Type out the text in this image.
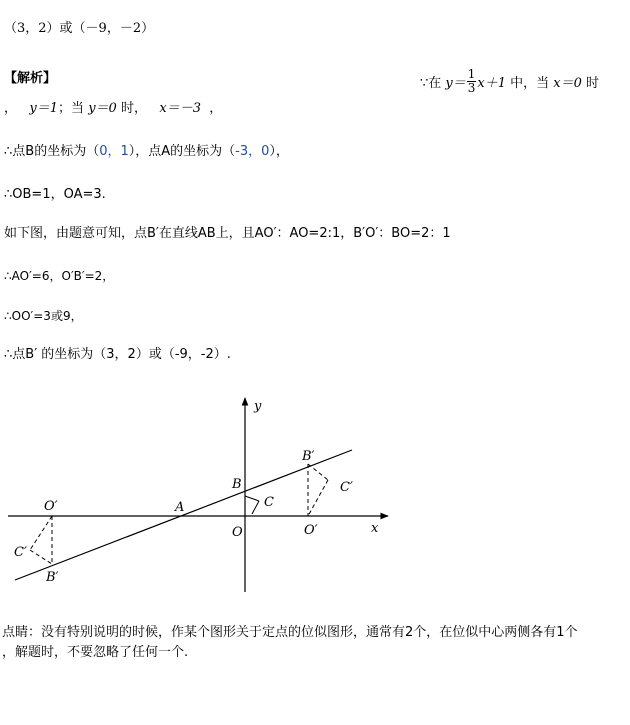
（3，2）或（－9，－2）
【解析】	∵在 $y= \frac{1}{3} x+1$ 中，当 x＝0 时
， y＝1；当 y＝0 时， x＝－3 ，
∴点B的坐标为（0，1），点A的坐标为（-3，0），
∴OB=1，OA=3.
如下图，由题意可知，点B′在直线AB上，且AO′：AO=2:1，B′O′：BO=2：1
∴AO′=6，O′B′=2，
∴OO′=3或9，
∴点B′ 的坐标为（3，2）或（-9，-2）.
y
x
O
A
B
C
B′
C′
O′
O′
C′
B′
点睛：没有特别说明的时候，作某个图形关于定点的位似图形，通常有2个，在位似中心两侧各有1个
，解题时，不要忽略了任何一个.
